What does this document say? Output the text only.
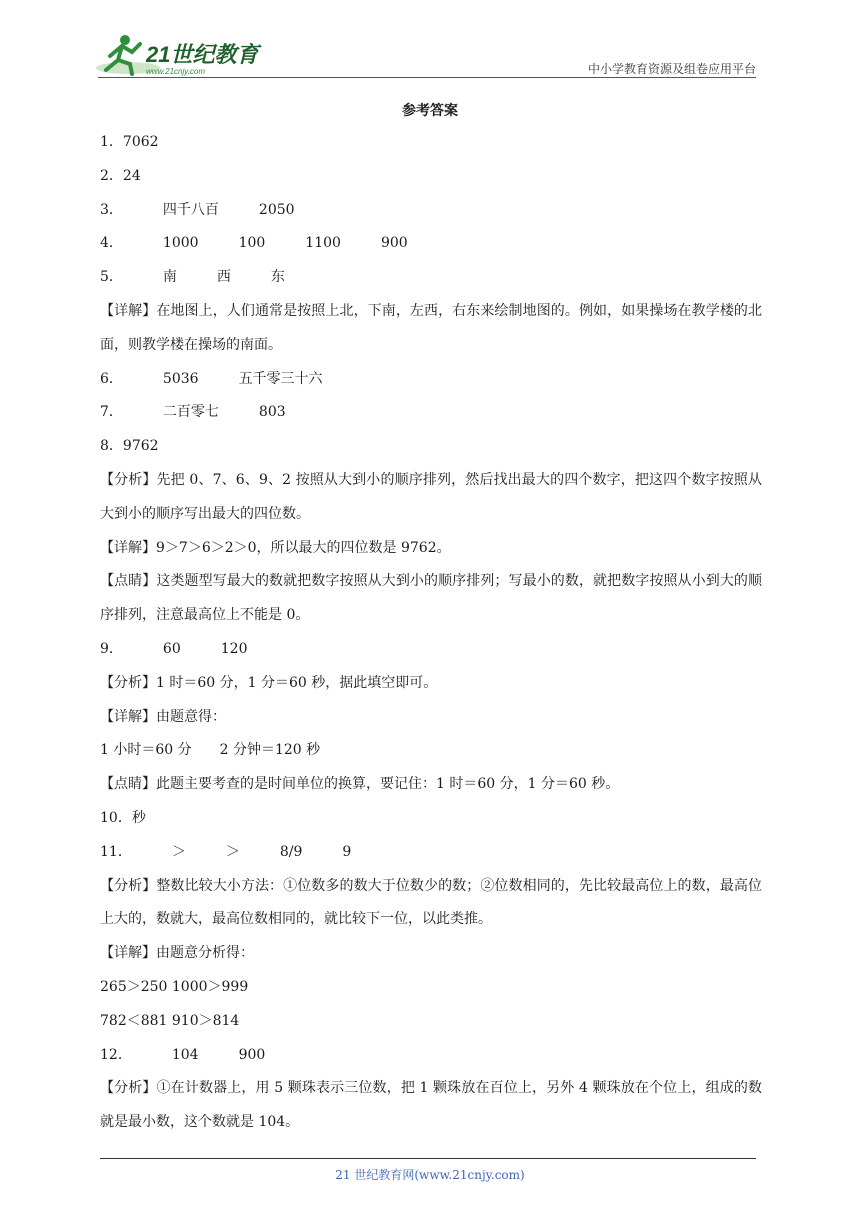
21世纪教育
www.21cnjy.com	中小学教育资源及组卷应用平台
参考答案
1．7062
2．24
3．	四千八百	2050
4．	1000	100	1100	900
5．	南	西	东
【详解】在地图上，人们通常是按照上北，下南，左西，右东来绘制地图的。例如，如果操场在教学楼的北面，则教学楼在操场的南面。
6．	5036	五千零三十六
7．	二百零七	803
8．9762
【分析】先把 0、7、6、9、2 按照从大到小的顺序排列，然后找出最大的四个数字，把这四个数字按照从大到小的顺序写出最大的四位数。
【详解】9＞7＞6＞2＞0，所以最大的四位数是 9762。
【点睛】这类题型写最大的数就把数字按照从大到小的顺序排列；写最小的数，就把数字按照从小到大的顺序排列，注意最高位上不能是 0。
9．	60	120
【分析】1 时＝60 分，1 分＝60 秒，据此填空即可。
【详解】由题意得：
1 小时＝60 分　　2 分钟＝120 秒
【点睛】此题主要考查的是时间单位的换算，要记住：1 时＝60 分，1 分＝60 秒。
10．秒
11．	＞	＞	8/9	9
【分析】整数比较大小方法：①位数多的数大于位数少的数；②位数相同的，先比较最高位上的数，最高位上大的，数就大，最高位数相同的，就比较下一位，以此类推。
【详解】由题意分析得：
265＞250 1000＞999
782＜881 910＞814
12．	104	900
【分析】①在计数器上，用 5 颗珠表示三位数，把 1 颗珠放在百位上，另外 4 颗珠放在个位上，组成的数就是最小数，这个数就是 104。
21 世纪教育网(www.21cnjy.com)
